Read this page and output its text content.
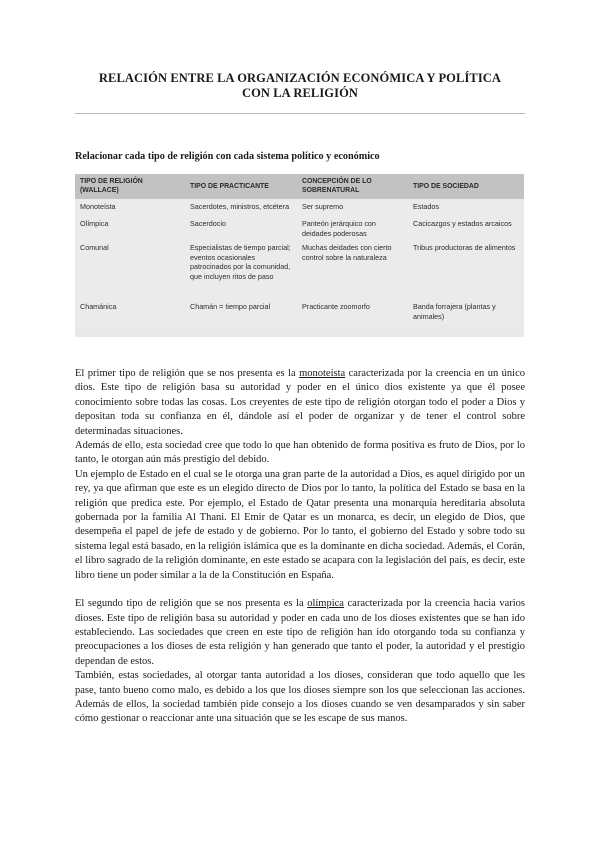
RELACIÓN ENTRE LA ORGANIZACIÓN ECONÓMICA Y POLÍTICA
CON LA RELIGIÓN
Relacionar cada tipo de religión con cada sistema político y económico
TIPO DE RELIGIÓN (WALLACE)	TIPO DE PRACTICANTE	CONCEPCIÓN DE LO SOBRENATURAL	TIPO DE SOCIEDAD
Monoteísta	Sacerdotes, ministros, etcétera	Ser supremo	Estados
Olímpica	Sacerdocio	Panteón jerárquico con deidades poderosas	Cacicazgos y estados arcaicos
Comunal	Especialistas de tiempo parcial; eventos ocasionales patrocinados por la comunidad, que incluyen ritos de paso	Muchas deidades con cierto control sobre la naturaleza	Tribus productoras de alimentos
Chamánica	Chamán = tiempo parcial	Practicante zoomorfo	Banda forrajera (plantas y animales)

El primer tipo de religión que se nos presenta es la monoteísta caracterizada por la creencia en un único dios. Este tipo de religión basa su autoridad y poder en el único dios existente ya que él posee conocimiento sobre todas las cosas. Los creyentes de este tipo de religión otorgan todo el poder a Dios y depositan toda su confianza en él, dándole así el poder de organizar y de tener el control sobre determinadas situaciones.

Además de ello, esta sociedad cree que todo lo que han obtenido de forma positiva es fruto de Dios, por lo tanto, le otorgan aún más prestigio del debido.

Un ejemplo de Estado en el cual se le otorga una gran parte de la autoridad a Dios, es aquel dirigido por un rey, ya que afirman que este es un elegido directo de Dios por lo tanto, la política del Estado se basa en la religión que predica este. Por ejemplo, el Estado de Qatar presenta una monarquía hereditaria absoluta gobernada por la familia Al Thani. El Emir de Qatar es un monarca, es decir, un elegido de Dios, que desempeña el papel de jefe de estado y de gobierno. Por lo tanto, el gobierno del Estado y sobre todo su sistema legal está basado, en la religión islámica que es la dominante en dicha sociedad. Además, el Corán, el libro sagrado de la religión dominante, en este estado se acapara con la legislación del país, es decir, este libro tiene un poder similar a la de la Constitución en España.

El segundo tipo de religión que se nos presenta es la olímpica caracterizada por la creencia hacia varios dioses. Este tipo de religión basa su autoridad y poder en cada uno de los dioses existentes que se han ido estableciendo. Las sociedades que creen en este tipo de religión han ido otorgando toda su confianza y preocupaciones a los dioses de esta religión y han generado que tanto el poder, la autoridad y el prestigio dependan de estos.

También, estas sociedades, al otorgar tanta autoridad a los dioses, consideran que todo aquello que les pase, tanto bueno como malo, es debido a los que los dioses siempre son los que seleccionan las acciones. Además de ellos, la sociedad también pide consejo a los dioses cuando se ven desamparados y sin saber cómo gestionar o reaccionar ante una situación que se les escape de sus manos.
